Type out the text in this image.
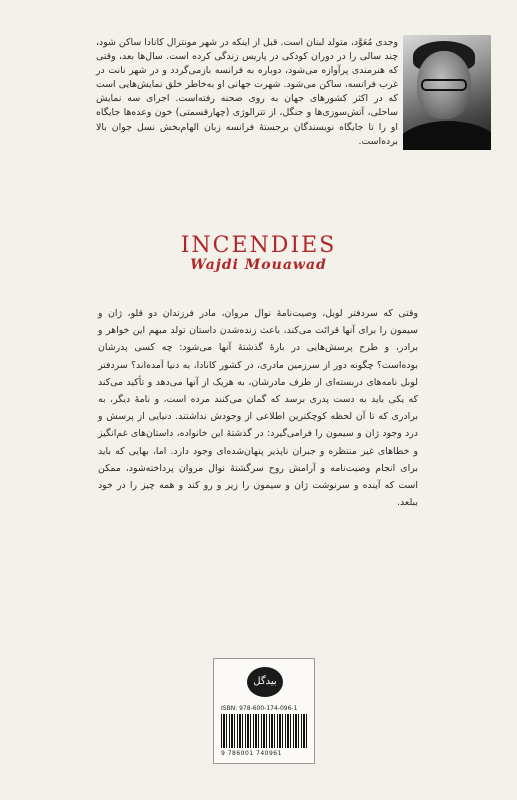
وجدی مُعَوَّد، متولد لبنان است. قبل از اینکه در شهر مونترال کانادا ساکن شود، چند سالی را در دوران کودکی در پاریس زندگی کرده است. سال‌ها بعد، وقتی که هنرمندی پرآوازه می‌شود، دوباره به فرانسه بازمی‌گردد و در شهر نانت در غرب فرانسه، ساکن می‌شود. شهرت جهانی او به‌خاطر خلق نمایش‌هایی است که در اکثر کشورهای جهان به روی صحنه رفته‌است. اجرای سه نمایش ساحلی، آتش‌سوزی‌ها و جنگل، از تترالوژی (چهارقسمتی) خون وعده‌ها جایگاه او را تا جایگاه نویسندگان برجستهٔ فرانسه زبان الهام‌بخش نسل جوان بالا برده‌است.

INCENDIES
Wajdi Mouawad

وقتی که سردفتر لوبل، وصیت‌نامهٔ نوال مروان، مادر فرزندان دو قلو، ژان و سیمون را برای آنها قرائت می‌کند، باعث زنده‌شدن داستان تولد مبهم این خواهر و برادر، و طرح پرسش‌هایی در بارهٔ گذشتهٔ آنها می‌شود: چه کسی پدرشان بوده‌است؟ چگونه دور از سرزمین مادری، در کشور کانادا، به دنیا آمده‌اند؟ سردفتر لوبل نامه‌های دربسته‌ای از طرف مادرشان، به هریک از آنها می‌دهد و تأکید می‌کند که یکی باید به دست پدری برسد که گمان می‌کنند مرده است، و نامهٔ دیگر، به برادری که تا آن لحظه کوچکترین اطلاعی از وجودش نداشتند. دنیایی از پرسش و درد وجود ژان و سیمون را فرامی‌گیرد: در گذشتهٔ این خانواده، داستان‌های غم‌انگیز و خطاهای غیر منتظره و جبران ناپذیر پنهان‌شده‌ای وجود دارد. اما، بهایی که باید برای انجام وصیت‌نامه و آرامش روح سرگشتهٔ نوال مروان پرداخته‌شود، ممکن است که آینده و سرنوشت ژان و سیمون را زیر و رو کند و همه چیز را در خود ببلعد.

بیدگل
ISBN: 978-600-174-096-1
9 786001 740961
